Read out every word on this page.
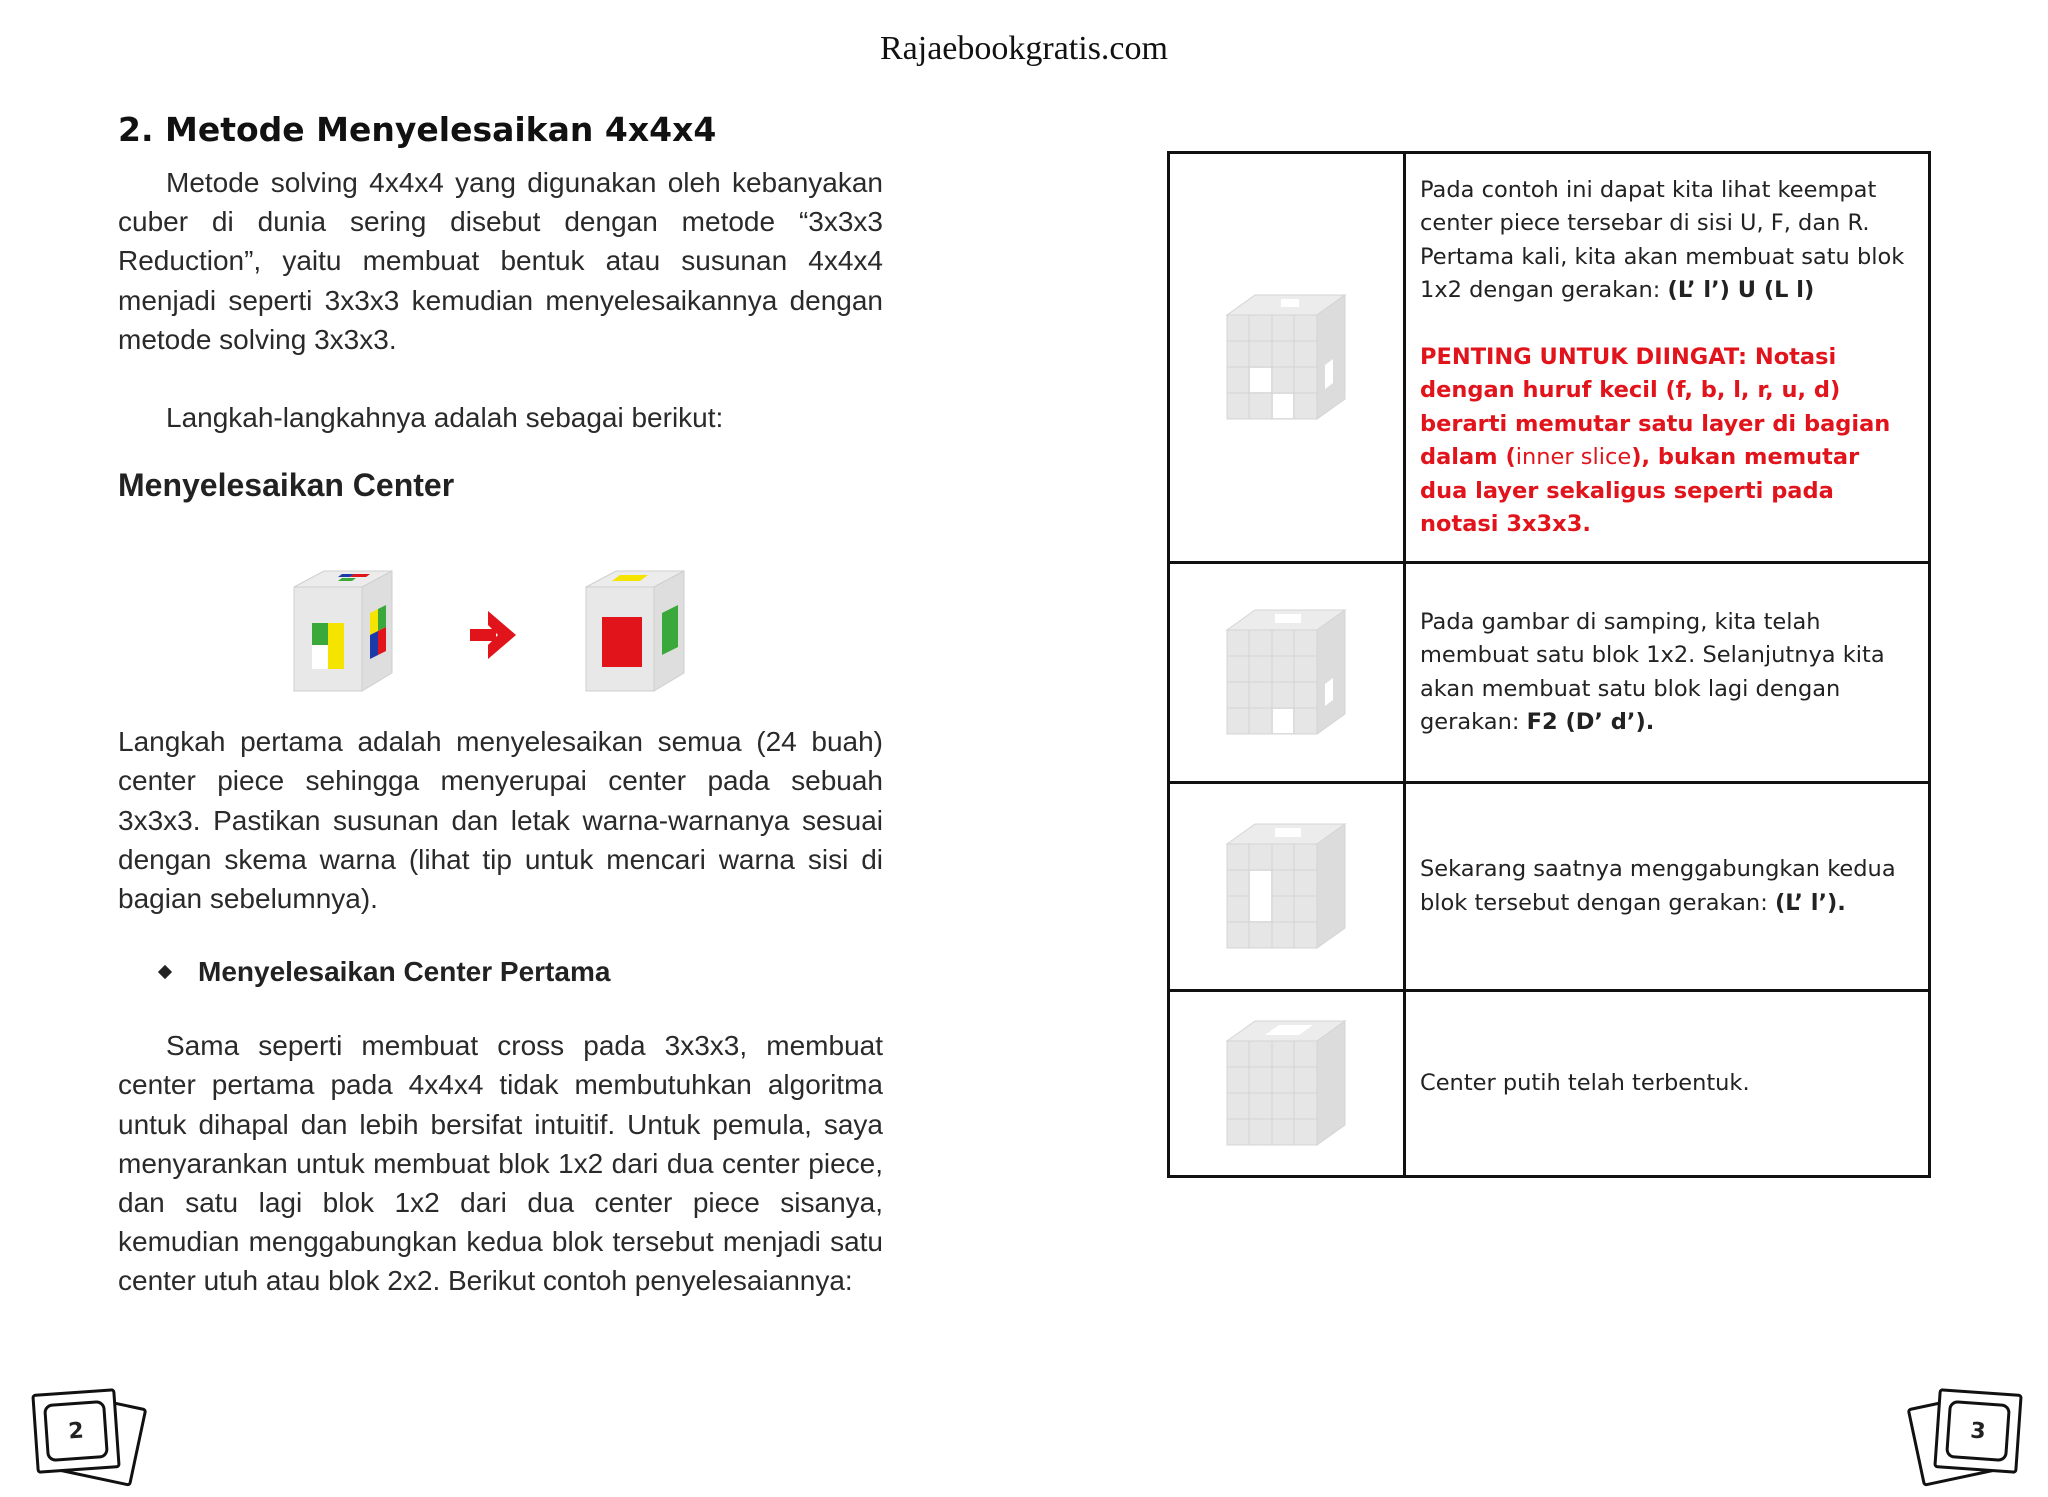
Rajaebookgratis.com
2. Metode Menyelesaikan 4x4x4

Metode solving 4x4x4 yang digunakan oleh kebanyakan cuber di dunia sering disebut dengan metode “3x3x3 Reduction”, yaitu membuat bentuk atau susunan 4x4x4 menjadi seperti 3x3x3 kemudian menyelesaikannya dengan metode solving 3x3x3.

Langkah-langkahnya adalah sebagai berikut:

Menyelesaikan Center

Langkah pertama adalah menyelesaikan semua (24 buah) center piece sehingga menyerupai center pada sebuah 3x3x3. Pastikan susunan dan letak warna-warnanya sesuai dengan skema warna (lihat tip untuk mencari warna sisi di bagian sebelumnya).

Menyelesaikan Center Pertama

Sama seperti membuat cross pada 3x3x3, membuat center pertama pada 4x4x4 tidak membutuhkan algoritma untuk dihapal dan lebih bersifat intuitif. Untuk pemula, saya menyarankan untuk membuat blok 1x2 dari dua center piece, dan satu lagi blok 1x2 dari dua center piece sisanya, kemudian menggabungkan kedua blok tersebut menjadi satu center utuh atau blok 2x2. Berikut contoh penyelesaiannya:

	Pada contoh ini dapat kita lihat keempat center piece tersebar di sisi U, F, dan R. Pertama kali, kita akan membuat satu blok 1x2 dengan gerakan: (L’ l’) U (L l)
PENTING UNTUK DIINGAT: Notasi dengan huruf kecil (f, b, l, r, u, d) berarti memutar satu layer di bagian dalam (inner slice), bukan memutar dua layer sekaligus seperti pada notasi 3x3x3.
	Pada gambar di samping, kita telah membuat satu blok 1x2. Selanjutnya kita akan membuat satu blok lagi dengan gerakan: F2 (D’ d’).
	Sekarang saatnya menggabungkan kedua blok tersebut dengan gerakan: (L’ l’).
	Center putih telah terbentuk.
2	3
